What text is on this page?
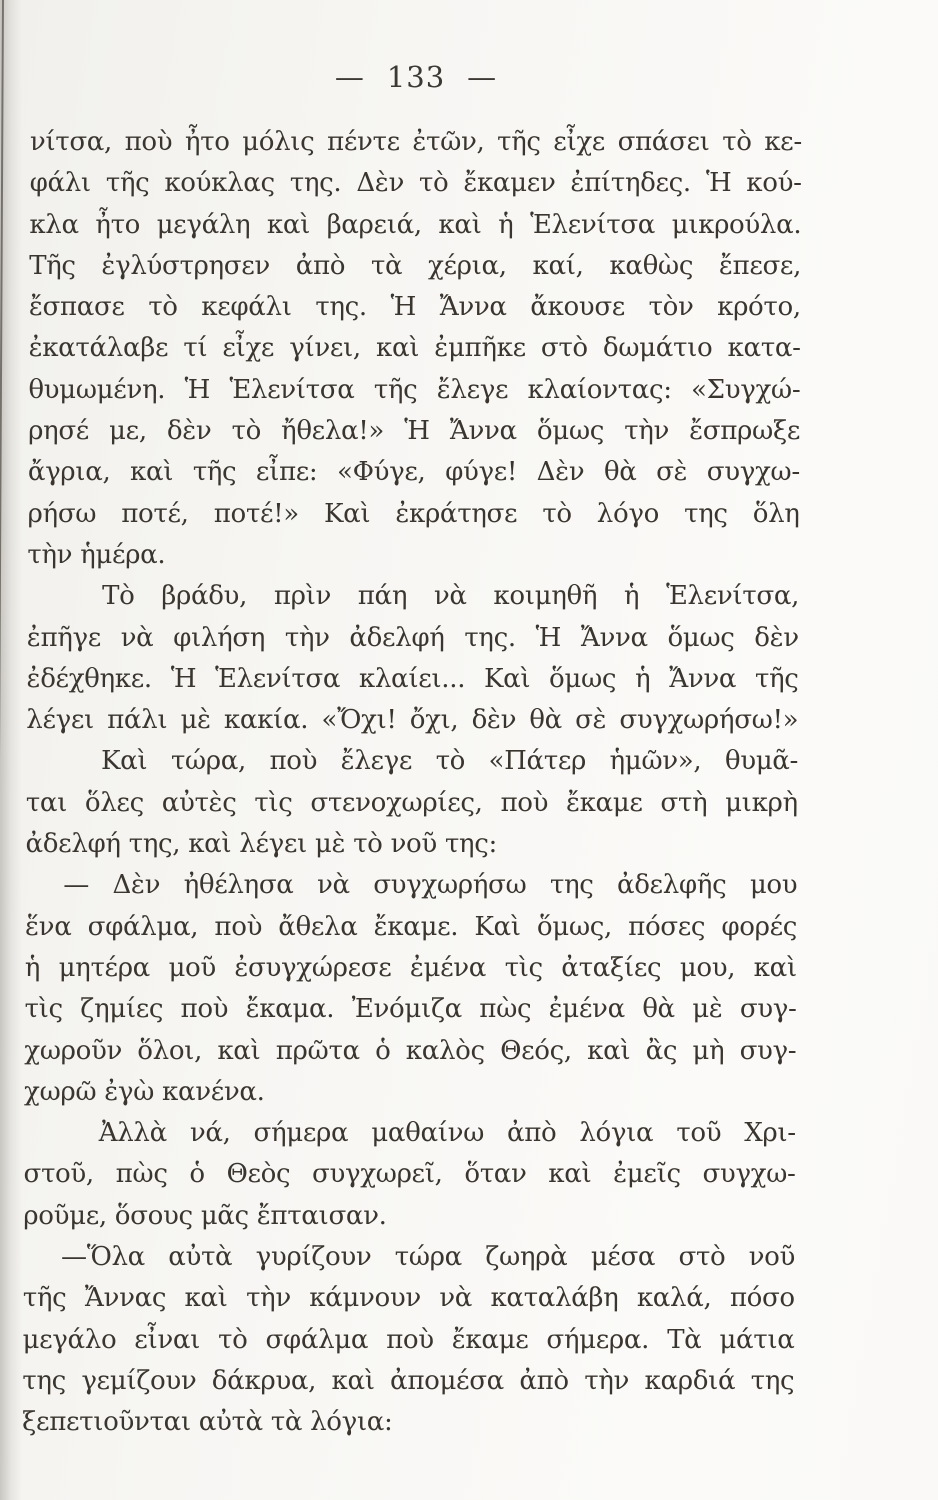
— 133 —
νίτσα, ποὺ ἦτο μόλις πέντε ἐτῶν, τῆς εἶχε σπάσει τὸ κε-
φάλι τῆς κούκλας της. Δὲν τὸ ἔκαμεν ἐπίτηδες. Ἡ κού-
κλα ἦτο μεγάλη καὶ βαρειά, καὶ ἡ Ἑλενίτσα μικρούλα.
Τῆς ἐγλύστρησεν ἀπὸ τὰ χέρια, καί, καθὼς ἔπεσε,
ἔσπασε τὸ κεφάλι της. Ἡ Ἄννα ἄκουσε τὸν κρότο,
ἐκατάλαβε τί εἶχε γίνει, καὶ ἐμπῆκε στὸ δωμάτιο κατα-
θυμωμένη. Ἡ Ἑλενίτσα τῆς ἔλεγε κλαίοντας: «Συγχώ-
ρησέ με, δὲν τὸ ἤθελα!» Ἡ Ἄννα ὅμως τὴν ἔσπρωξε
ἄγρια, καὶ τῆς εἶπε: «Φύγε, φύγε! Δὲν θὰ σὲ συγχω-
ρήσω ποτέ, ποτέ!» Καὶ ἐκράτησε τὸ λόγο της ὅλη
τὴν ἡμέρα.
Τὸ βράδυ, πρὶν πάη νὰ κοιμηθῆ ἡ Ἑλενίτσα,
ἐπῆγε νὰ φιλήση τὴν ἀδελφή της. Ἡ Ἄννα ὅμως δὲν
ἐδέχθηκε. Ἡ Ἑλενίτσα κλαίει... Καὶ ὅμως ἡ Ἄννα τῆς
λέγει πάλι μὲ κακία. «Ὄχι! ὄχι, δὲν θὰ σὲ συγχωρήσω!»
Καὶ τώρα, ποὺ ἔλεγε τὸ «Πάτερ ἡμῶν», θυμᾶ-
ται ὅλες αὐτὲς τὶς στενοχωρίες, ποὺ ἔκαμε στὴ μικρὴ
ἀδελφή της, καὶ λέγει μὲ τὸ νοῦ της:
— Δὲν ἠθέλησα νὰ συγχωρήσω της ἀδελφῆς μου
ἕνα σφάλμα, ποὺ ἄθελα ἔκαμε. Καὶ ὅμως, πόσες φορές
ἡ μητέρα μοῦ ἐσυγχώρεσε ἐμένα τὶς ἀταξίες μου, καὶ
τὶς ζημίες ποὺ ἔκαμα. Ἐνόμιζα πὼς ἐμένα θὰ μὲ συγ-
χωροῦν ὅλοι, καὶ πρῶτα ὁ καλὸς Θεός, καὶ ἂς μὴ συγ-
χωρῶ ἐγὼ κανένα.
Ἀλλὰ νά, σήμερα μαθαίνω ἀπὸ λόγια τοῦ Χρι-
στοῦ, πὼς ὁ Θεὸς συγχωρεῖ, ὅταν καὶ ἐμεῖς συγχω-
ροῦμε, ὅσους μᾶς ἔπταισαν.
—Ὅλα αὐτὰ γυρίζουν τώρα ζωηρὰ μέσα στὸ νοῦ
τῆς Ἄννας καὶ τὴν κάμνουν νὰ καταλάβη καλά, πόσο
μεγάλο εἶναι τὸ σφάλμα ποὺ ἔκαμε σήμερα. Τὰ μάτια
της γεμίζουν δάκρυα, καὶ ἀπομέσα ἀπὸ τὴν καρδιά της
ξεπετιοῦνται αὐτὰ τὰ λόγια:
